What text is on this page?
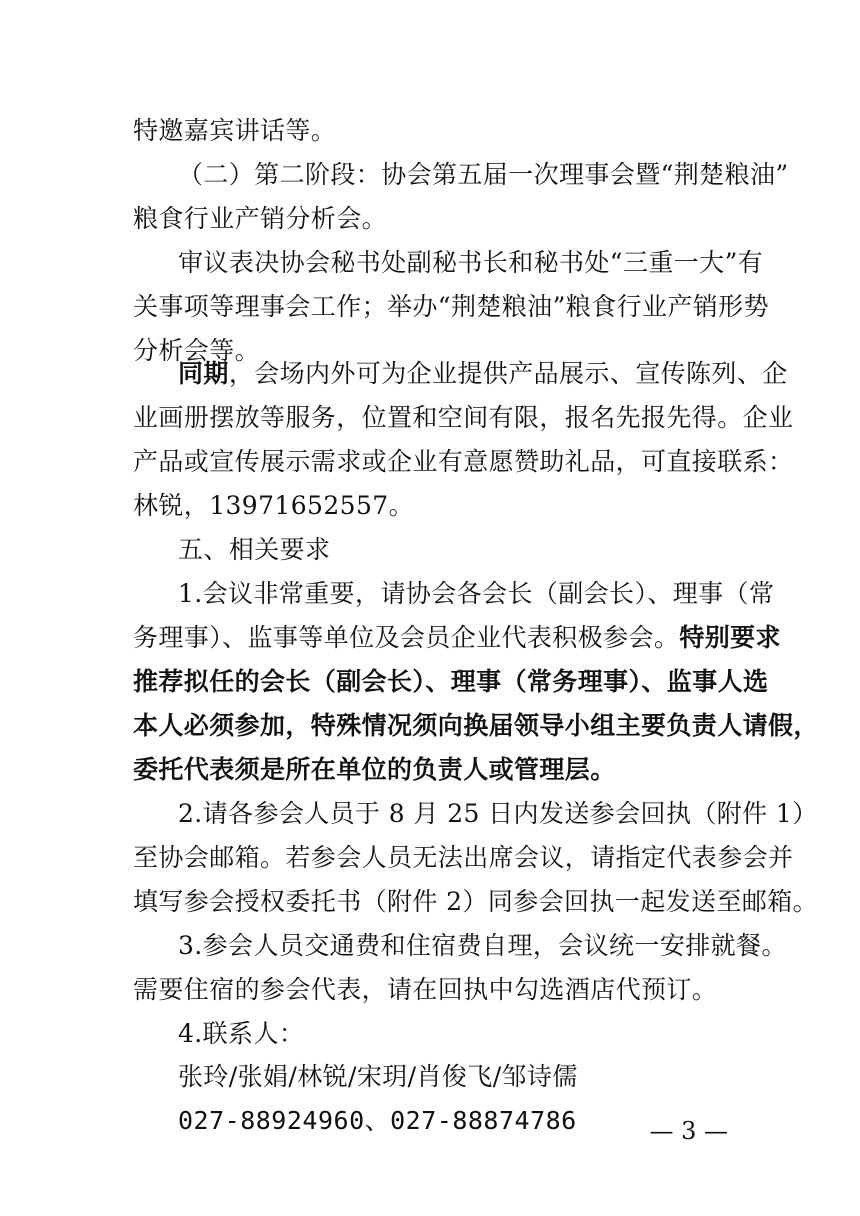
特邀嘉宾讲话等。
（二）第二阶段：协会第五届一次理事会暨“荆楚粮油”
粮食行业产销分析会。
审议表决协会秘书处副秘书长和秘书处“三重一大”有
关事项等理事会工作；举办“荆楚粮油”粮食行业产销形势
分析会等。
同期，会场内外可为企业提供产品展示、宣传陈列、企
业画册摆放等服务，位置和空间有限，报名先报先得。企业
产品或宣传展示需求或企业有意愿赞助礼品，可直接联系：
林锐，13971652557。
五、相关要求
1.会议非常重要，请协会各会长（副会长）、理事（常
务理事）、监事等单位及会员企业代表积极参会。特别要求
推荐拟任的会长（副会长）、理事（常务理事）、监事人选
本人必须参加，特殊情况须向换届领导小组主要负责人请假，
委托代表须是所在单位的负责人或管理层。
2.请各参会人员于 8 月 25 日内发送参会回执（附件 1）
至协会邮箱。若参会人员无法出席会议，请指定代表参会并
填写参会授权委托书（附件 2）同参会回执一起发送至邮箱。
3.参会人员交通费和住宿费自理，会议统一安排就餐。
需要住宿的参会代表，请在回执中勾选酒店代预订。
4.联系人：
张玲/张娟/林锐/宋玥/肖俊飞/邹诗儒
027-88924960、027-88874786	— 3 —
